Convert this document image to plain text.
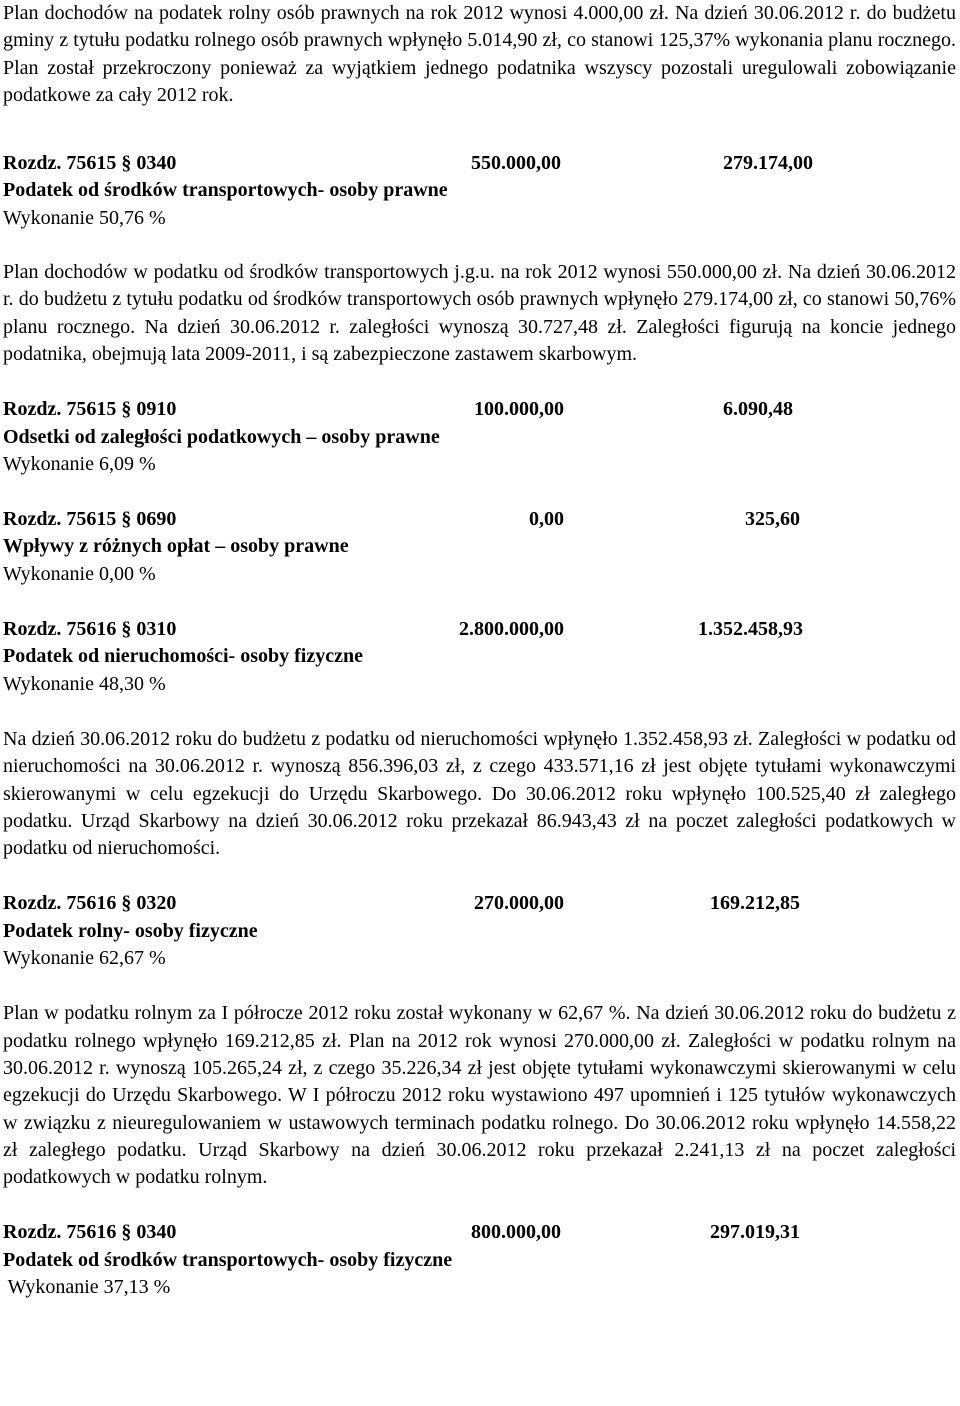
Plan dochodów na podatek rolny osób prawnych na rok 2012 wynosi 4.000,00 zł. Na dzień 30.06.2012 r. do budżetu gminy z tytułu podatku rolnego osób prawnych wpłynęło 5.014,90 zł, co stanowi 125,37% wykonania planu rocznego. Plan został przekroczony ponieważ za wyjątkiem jednego podatnika wszyscy pozostali uregulowali zobowiązanie podatkowe za cały 2012 rok.

Rozdz. 75615 § 0340	550.000,00	279.174,00

Podatek od środków transportowych- osoby prawne

Wykonanie 50,76 %

Plan dochodów w podatku od środków transportowych j.g.u. na rok 2012 wynosi 550.000,00 zł. Na dzień 30.06.2012 r. do budżetu z tytułu podatku od środków transportowych osób prawnych wpłynęło 279.174,00 zł, co stanowi 50,76% planu rocznego. Na dzień 30.06.2012 r. zaległości wynoszą 30.727,48 zł. Zaległości figurują na koncie jednego podatnika, obejmują lata 2009-2011, i są zabezpieczone zastawem skarbowym.

Rozdz. 75615 § 0910	100.000,00	6.090,48

Odsetki od zaległości podatkowych – osoby prawne

Wykonanie 6,09 %

Rozdz. 75615 § 0690	0,00	325,60

Wpływy z różnych opłat – osoby prawne

Wykonanie 0,00 %

Rozdz. 75616 § 0310	2.800.000,00	1.352.458,93

Podatek od nieruchomości- osoby fizyczne

Wykonanie 48,30 %

Na dzień 30.06.2012 roku do budżetu z podatku od nieruchomości wpłynęło 1.352.458,93 zł. Zaległości w podatku od nieruchomości na 30.06.2012 r. wynoszą 856.396,03 zł, z czego 433.571,16 zł jest objęte tytułami wykonawczymi skierowanymi w celu egzekucji do Urzędu Skarbowego. Do 30.06.2012 roku wpłynęło 100.525,40 zł zaległego podatku. Urząd Skarbowy na dzień 30.06.2012 roku przekazał 86.943,43 zł na poczet zaległości podatkowych w podatku od nieruchomości.

Rozdz. 75616 § 0320	270.000,00	169.212,85

Podatek rolny- osoby fizyczne

Wykonanie 62,67 %

Plan w podatku rolnym za I półrocze 2012 roku został wykonany w 62,67 %. Na dzień 30.06.2012 roku do budżetu z podatku rolnego wpłynęło 169.212,85 zł. Plan na 2012 rok wynosi 270.000,00 zł. Zaległości w podatku rolnym na 30.06.2012 r. wynoszą 105.265,24 zł, z czego 35.226,34 zł jest objęte tytułami wykonawczymi skierowanymi w celu egzekucji do Urzędu Skarbowego. W I półroczu 2012 roku wystawiono 497 upomnień i 125 tytułów wykonawczych w związku z nieuregulowaniem w ustawowych terminach podatku rolnego. Do 30.06.2012 roku wpłynęło 14.558,22 zł zaległego podatku. Urząd Skarbowy na dzień 30.06.2012 roku przekazał 2.241,13 zł na poczet zaległości podatkowych w podatku rolnym.

Rozdz. 75616 § 0340	800.000,00	297.019,31

Podatek od środków transportowych- osoby fizyczne

Wykonanie 37,13 %
